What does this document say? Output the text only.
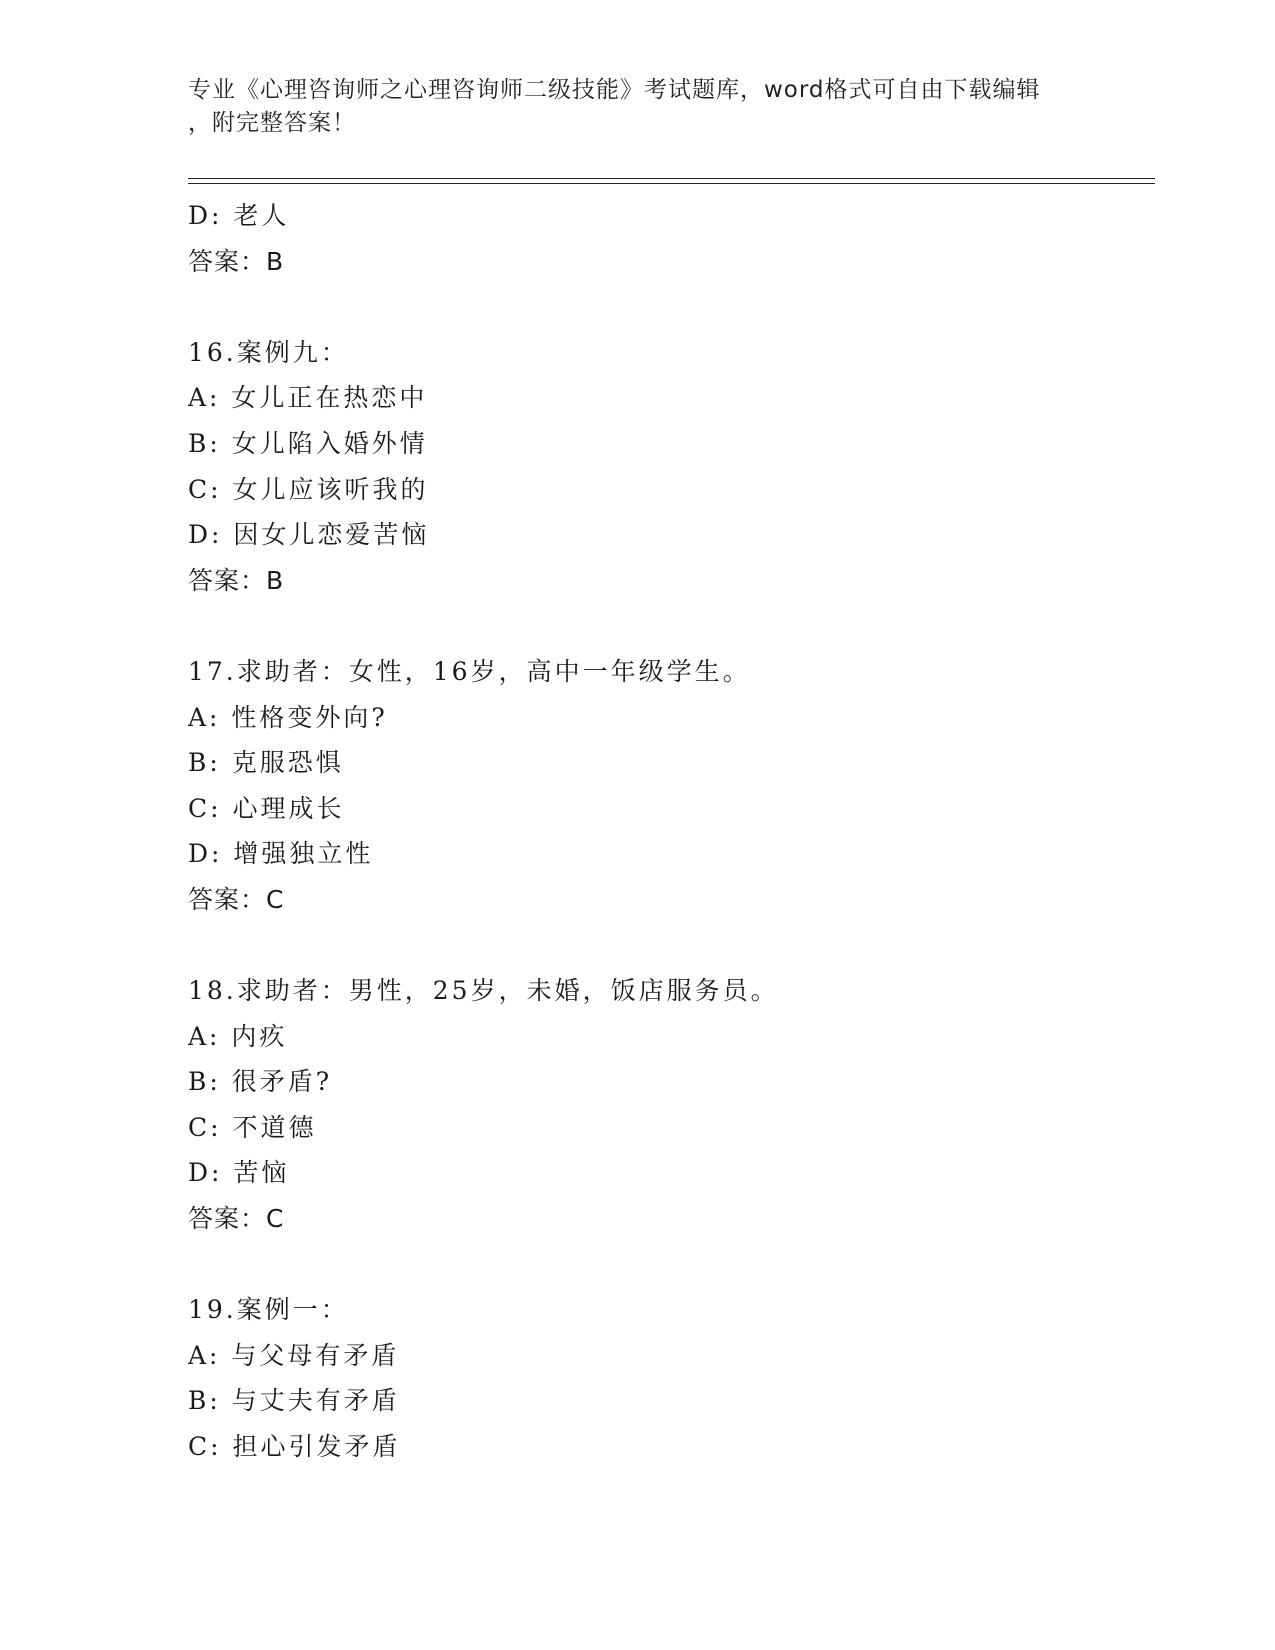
专业《心理咨询师之心理咨询师二级技能》考试题库，word格式可自由下载编辑
，附完整答案！
D: 老人
答案：B
16.案例九：
A: 女儿正在热恋中
B: 女儿陷入婚外情
C: 女儿应该听我的
D: 因女儿恋爱苦恼
答案：B
17.求助者：女性，16岁，高中一年级学生。
A: 性格变外向?
B: 克服恐惧
C: 心理成长
D: 增强独立性
答案：C
18.求助者：男性，25岁，未婚，饭店服务员。
A: 内疚
B: 很矛盾?
C: 不道德
D: 苦恼
答案：C
19.案例一：
A: 与父母有矛盾
B: 与丈夫有矛盾
C: 担心引发矛盾
